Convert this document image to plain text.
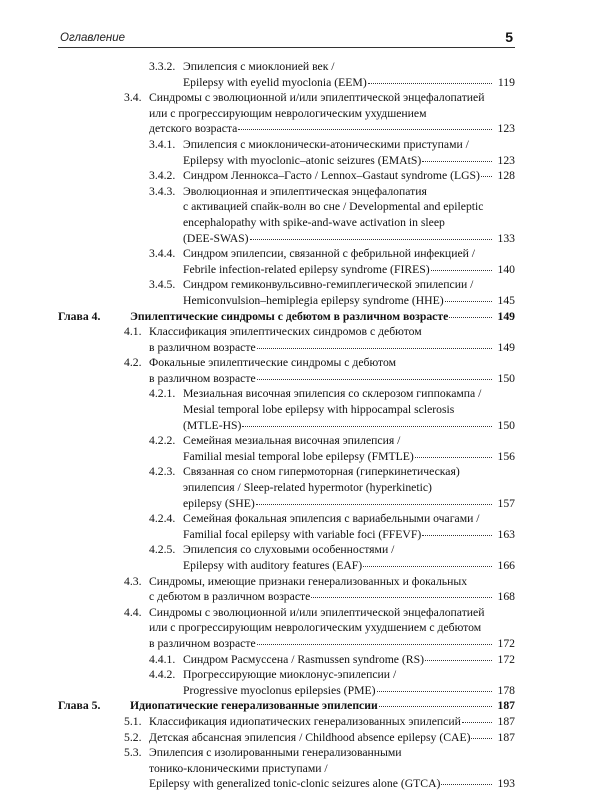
Оглавление	5
3.3.2. Эпилепсия с миоклонией век /
Epilepsy with eyelid myoclonia (EEM)	119
3.4. Синдромы с эволюционной и/или эпилептической энцефалопатией
или с прогрессирующим неврологическим ухудшением
детского возраста	123
3.4.1. Эпилепсия с миоклонически-атоническими приступами /
Epilepsy with myoclonic–atonic seizures (EMAtS)	123
3.4.2. Синдром Леннокса–Гасто / Lennox–Gastaut syndrome (LGS) 128
3.4.3. Эволюционная и эпилептическая энцефалопатия
с активацией спайк-волн во сне / Developmental and epileptic
encephalopathy with spike-and-wave activation in sleep
(DEE-SWAS)	133
3.4.4. Синдром эпилепсии, связанной с фебрильной инфекцией /
Febrile infection-related epilepsy syndrome (FIRES)	140
3.4.5. Синдром гемиконвульсивно-гемиплегической эпилепсии /
Hemiconvulsion–hemiplegia epilepsy syndrome (HHE)	145
Глава 4.	Эпилептические синдромы с дебютом в различном возрасте	149
4.1. Классификация эпилептических синдромов с дебютом
в различном возрасте	149
4.2. Фокальные эпилептические синдромы с дебютом
в различном возрасте	150
4.2.1. Мезиальная височная эпилепсия со склерозом гиппокампа /
Mesial temporal lobe epilepsy with hippocampal sclerosis
(MTLE-HS)	150
4.2.2. Семейная мезиальная височная эпилепсия /
Familial mesial temporal lobe epilepsy (FMTLE)	156
4.2.3. Связанная со сном гипермоторная (гиперкинетическая)
эпилепсия / Sleep-related hypermotor (hyperkinetic)
epilepsy (SHE)	157
4.2.4. Семейная фокальная эпилепсия с вариабельными очагами /
Familial focal epilepsy with variable foci (FFEVF)	163
4.2.5. Эпилепсия со слуховыми особенностями /
Epilepsy with auditory features (EAF)	166
4.3. Синдромы, имеющие признаки генерализованных и фокальных
с дебютом в различном возрасте	168
4.4. Синдромы с эволюционной и/или эпилептической энцефалопатией
или с прогрессирующим неврологическим ухудшением с дебютом
в различном возрасте	172
4.4.1. Синдром Расмуссена / Rasmussen syndrome (RS)	172
4.4.2. Прогрессирующие миоклонус-эпилепсии /
Progressive myoclonus epilepsies (PME)	178
Глава 5.	Идиопатические генерализованные эпилепсии	187
5.1. Классификация идиопатических генерализованных эпилепсий	187
5.2. Детская абсансная эпилепсия / Childhood absence epilepsy (CAE) 187
5.3. Эпилепсия с изолированными генерализованными
тонико-клоническими приступами /
Epilepsy with generalized tonic-clonic seizures alone (GTCA)	193
